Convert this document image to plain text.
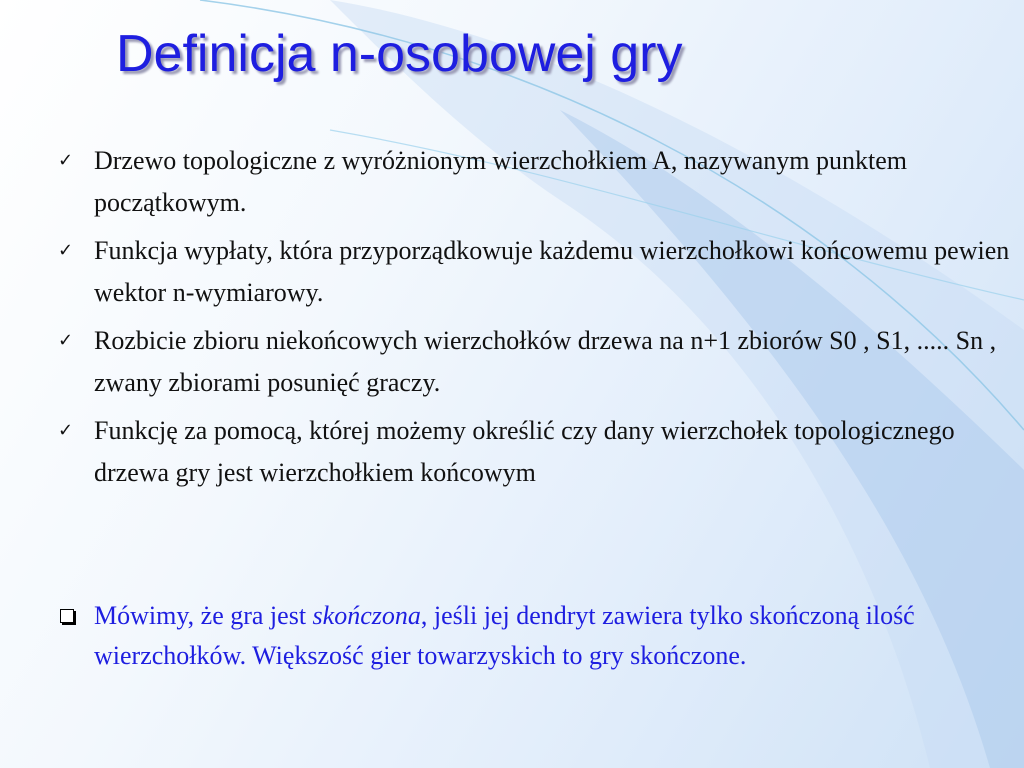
Definicja n-osobowej gry
✓ Drzewo topologiczne z wyróżnionym wierzchołkiem A, nazywanym punktem początkowym.
✓ Funkcja wypłaty, która przyporządkowuje każdemu wierzchołkowi końcowemu pewien wektor n-wymiarowy.
✓ Rozbicie zbioru niekońcowych wierzchołków drzewa na n+1 zbiorów S0 , S1, ..... Sn , zwany zbiorami posunięć graczy.
✓ Funkcję za pomocą, której możemy określić czy dany wierzchołek topologicznego drzewa gry jest wierzchołkiem końcowym
Mówimy, że gra jest skończona, jeśli jej dendryt zawiera tylko skończoną ilość wierzchołków. Większość gier towarzyskich to gry skończone.
